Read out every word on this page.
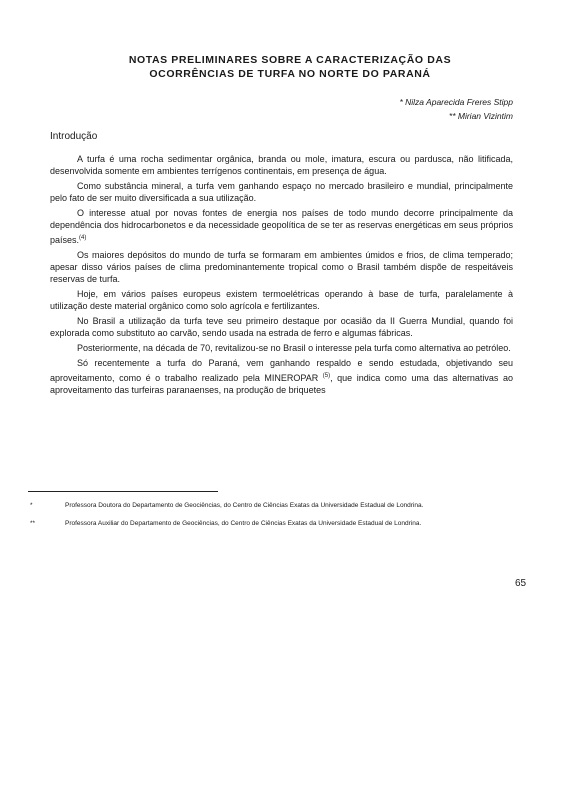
NOTAS PRELIMINARES SOBRE A CARACTERIZAÇÃO DAS
OCORRÊNCIAS DE TURFA NO NORTE DO PARANÁ
* Nilza Aparecida Freres Stipp
** Mirian Vizintim
Introdução

A turfa é uma rocha sedimentar orgânica, branda ou mole, imatura, escura ou pardusca, não litificada, desenvolvida somente em ambientes terrígenos continentais, em presença de água.

Como substância mineral, a turfa vem ganhando espaço no mercado brasileiro e mundial, principalmente pelo fato de ser muito diversificada a sua utilização.

O interesse atual por novas fontes de energia nos países de todo mundo decorre principalmente da dependência dos hidrocarbonetos e da necessidade geopolítica de se ter as reservas energéticas em seus próprios países.$^{(4)}$

Os maiores depósitos do mundo de turfa se formaram em ambientes úmidos e frios, de clima temperado; apesar disso vários países de clima predominantemente tropical como o Brasil também dispõe de respeitáveis reservas de turfa.

Hoje, em vários países europeus existem termoelétricas operando à base de turfa, paralelamente à utilização deste material orgânico como solo agrícola e fertilizantes.

No Brasil a utilização da turfa teve seu primeiro destaque por ocasião da II Guerra Mundial, quando foi explorada como substituto ao carvão, sendo usada na estrada de ferro e algumas fábricas.

Posteriormente, na década de 70, revitalizou-se no Brasil o interesse pela turfa como alternativa ao petróleo.

Só recentemente a turfa do Paraná, vem ganhando respaldo e sendo estudada, objetivando seu aproveitamento, como é o trabalho realizado pela MINEROPAR $^{(5)}$, que indica como uma das alternativas ao aproveitamento das turfeiras paranaenses, na produção de briquetes

*	Professora Doutora do Departamento de Geociências, do Centro de Ciências Exatas da Universidade Estadual de Londrina.
**	Professora Auxiliar do Departamento de Geociências, do Centro de Ciências Exatas da Universidade Estadual de Londrina.
65
